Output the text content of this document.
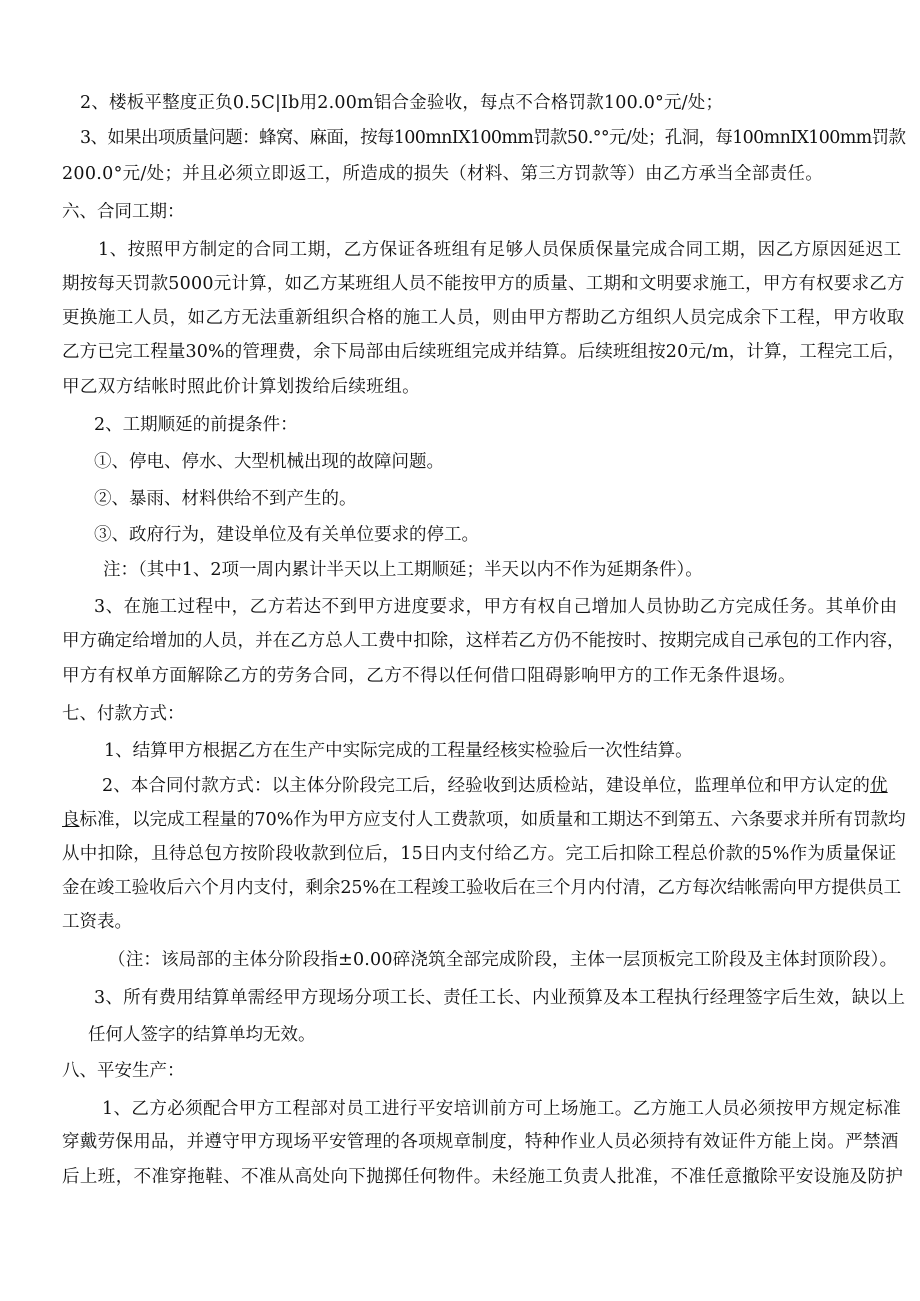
2、楼板平整度正负0.5C|Ib用2.00m铝合金验收，每点不合格罚款100.0°元/处；
3、如果出项质量问题：蜂窝、麻面，按每100mnIX100mm罚款50.°°元/处；孔洞，每100mnIX100mm罚款
200.0°元/处；并且必须立即返工，所造成的损失（材料、第三方罚款等）由乙方承当全部责任。
六、合同工期：
1、按照甲方制定的合同工期，乙方保证各班组有足够人员保质保量完成合同工期，因乙方原因延迟工
期按每天罚款5000元计算，如乙方某班组人员不能按甲方的质量、工期和文明要求施工，甲方有权要求乙方
更换施工人员，如乙方无法重新组织合格的施工人员，则由甲方帮助乙方组织人员完成余下工程，甲方收取
乙方已完工程量30%的管理费，余下局部由后续班组完成并结算。后续班组按20元/m，计算，工程完工后，
甲乙双方结帐时照此价计算划拨给后续班组。
2、工期顺延的前提条件：
①、停电、停水、大型机械出现的故障问题。
②、暴雨、材料供给不到产生的。
③、政府行为，建设单位及有关单位要求的停工。
注：（其中1、2项一周内累计半天以上工期顺延；半天以内不作为延期条件）。
3、在施工过程中，乙方若达不到甲方进度要求，甲方有权自己增加人员协助乙方完成任务。其单价由
甲方确定给增加的人员，并在乙方总人工费中扣除，这样若乙方仍不能按时、按期完成自己承包的工作内容，
甲方有权单方面解除乙方的劳务合同，乙方不得以任何借口阻碍影响甲方的工作无条件退场。
七、付款方式：
1、结算甲方根据乙方在生产中实际完成的工程量经核实检验后一次性结算。
2、本合同付款方式：以主体分阶段完工后，经验收到达质检站，建设单位，监理单位和甲方认定的优
良标准，以完成工程量的70%作为甲方应支付人工费款项，如质量和工期达不到第五、六条要求并所有罚款均
从中扣除，且待总包方按阶段收款到位后，15日内支付给乙方。完工后扣除工程总价款的5%作为质量保证
金在竣工验收后六个月内支付，剩余25%在工程竣工验收后在三个月内付清，乙方每次结帐需向甲方提供员工
工资表。
（注：该局部的主体分阶段指±0.00碎浇筑全部完成阶段，主体一层顶板完工阶段及主体封顶阶段）。
3、所有费用结算单需经甲方现场分项工长、责任工长、内业预算及本工程执行经理签字后生效，缺以上
任何人签字的结算单均无效。
八、平安生产：
1、乙方必须配合甲方工程部对员工进行平安培训前方可上场施工。乙方施工人员必须按甲方规定标准
穿戴劳保用品，并遵守甲方现场平安管理的各项规章制度，特种作业人员必须持有效证件方能上岗。严禁酒
后上班，不准穿拖鞋、不准从高处向下抛掷任何物件。未经施工负责人批准，不准任意撤除平安设施及防护
